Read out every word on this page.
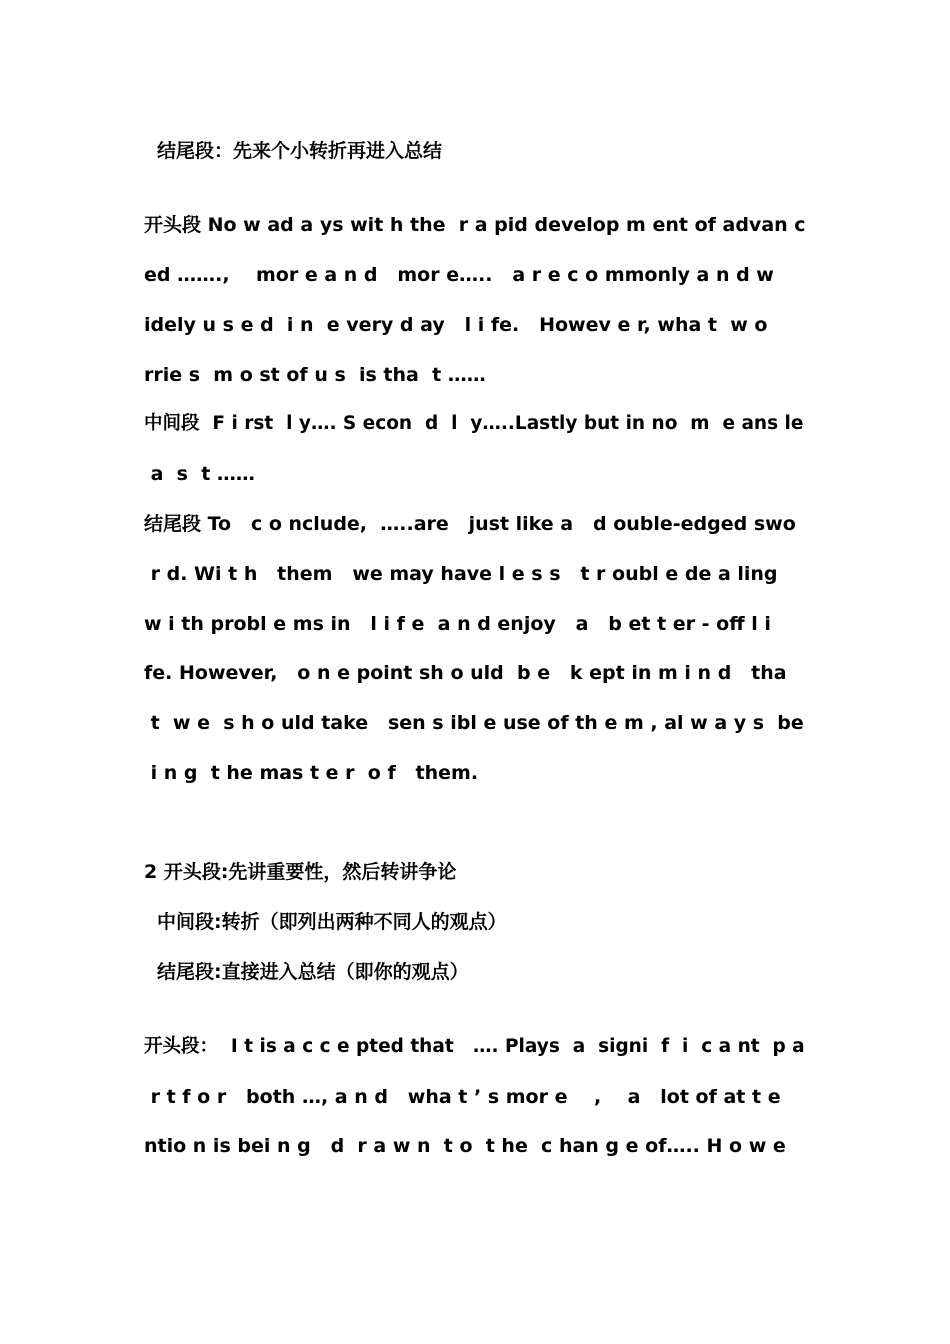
结尾段：先来个小转折再进入总结

开头段 No w ad a ys wit h the  r a pid develop m ent of advan c

ed …….,    mor e a n d   mor e…..   a r e c o mmonly a n d w

idely u s e d  i n  e very d ay   l i fe.   Howev e r, wha t  w o

rrie s  m o st of u s  is tha  t ……

中间段  F i rst  l y…. S econ  d  l  y…..Lastly but in no  m  e ans le

a  s  t ……

结尾段 To   c o nclude,  …..are   just like a   d ouble-edged swo

r d. Wi t h   them   we may have l e s s   t r oubl e de a ling

w i th probl e ms in   l i f e  a n d enjoy   a   b et t er - off l i

fe. However,   o n e point sh o uld  b e   k ept in m i n d   tha

t  w e  s h o uld take   sen s ibl e use of th e m , al w a y s  be

i n g  t he mas t e r  o f   them.

2 开头段:先讲重要性，然后转讲争论

中间段:转折（即列出两种不同人的观点）

结尾段:直接进入总结（即你的观点）

开头段：  I t is a c c e pted that   …. Plays  a  signi  f  i  c a nt  p a

r t f o r   both …, a n d   wha t ’ s mor e    ,    a   lot of at t e

ntio n is bei n g   d  r a w n  t o  t he  c han g e of….. H o w e
